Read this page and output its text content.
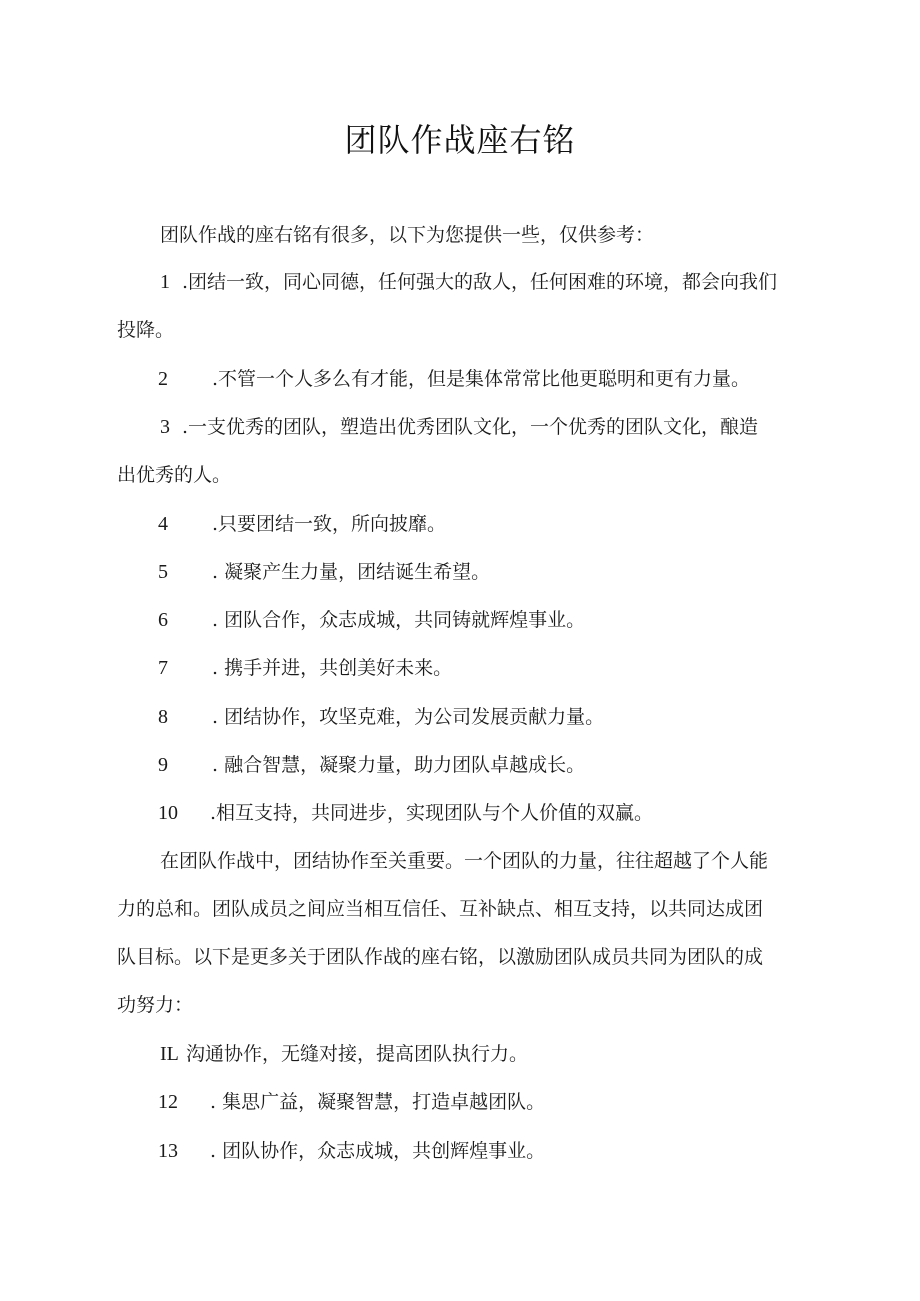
团队作战座右铭
团队作战的座右铭有很多，以下为您提供一些，仅供参考：
1 .团结一致，同心同德，任何强大的敌人，任何困难的环境，都会向我们
投降。
2 .不管一个人多么有才能，但是集体常常比他更聪明和更有力量。
3 .一支优秀的团队，塑造出优秀团队文化，一个优秀的团队文化，酿造
出优秀的人。
4 .只要团结一致，所向披靡。
5 . 凝聚产生力量，团结诞生希望。
6 . 团队合作，众志成城，共同铸就辉煌事业。
7 . 携手并进，共创美好未来。
8 . 团结协作，攻坚克难，为公司发展贡献力量。
9 . 融合智慧，凝聚力量，助力团队卓越成长。
10 .相互支持，共同进步，实现团队与个人价值的双赢。
在团队作战中，团结协作至关重要。一个团队的力量，往往超越了个人能
力的总和。团队成员之间应当相互信任、互补缺点、相互支持，以共同达成团
队目标。以下是更多关于团队作战的座右铭，以激励团队成员共同为团队的成
功努力：
IL 沟通协作，无缝对接，提高团队执行力。
12 . 集思广益，凝聚智慧，打造卓越团队。
13 . 团队协作，众志成城，共创辉煌事业。
